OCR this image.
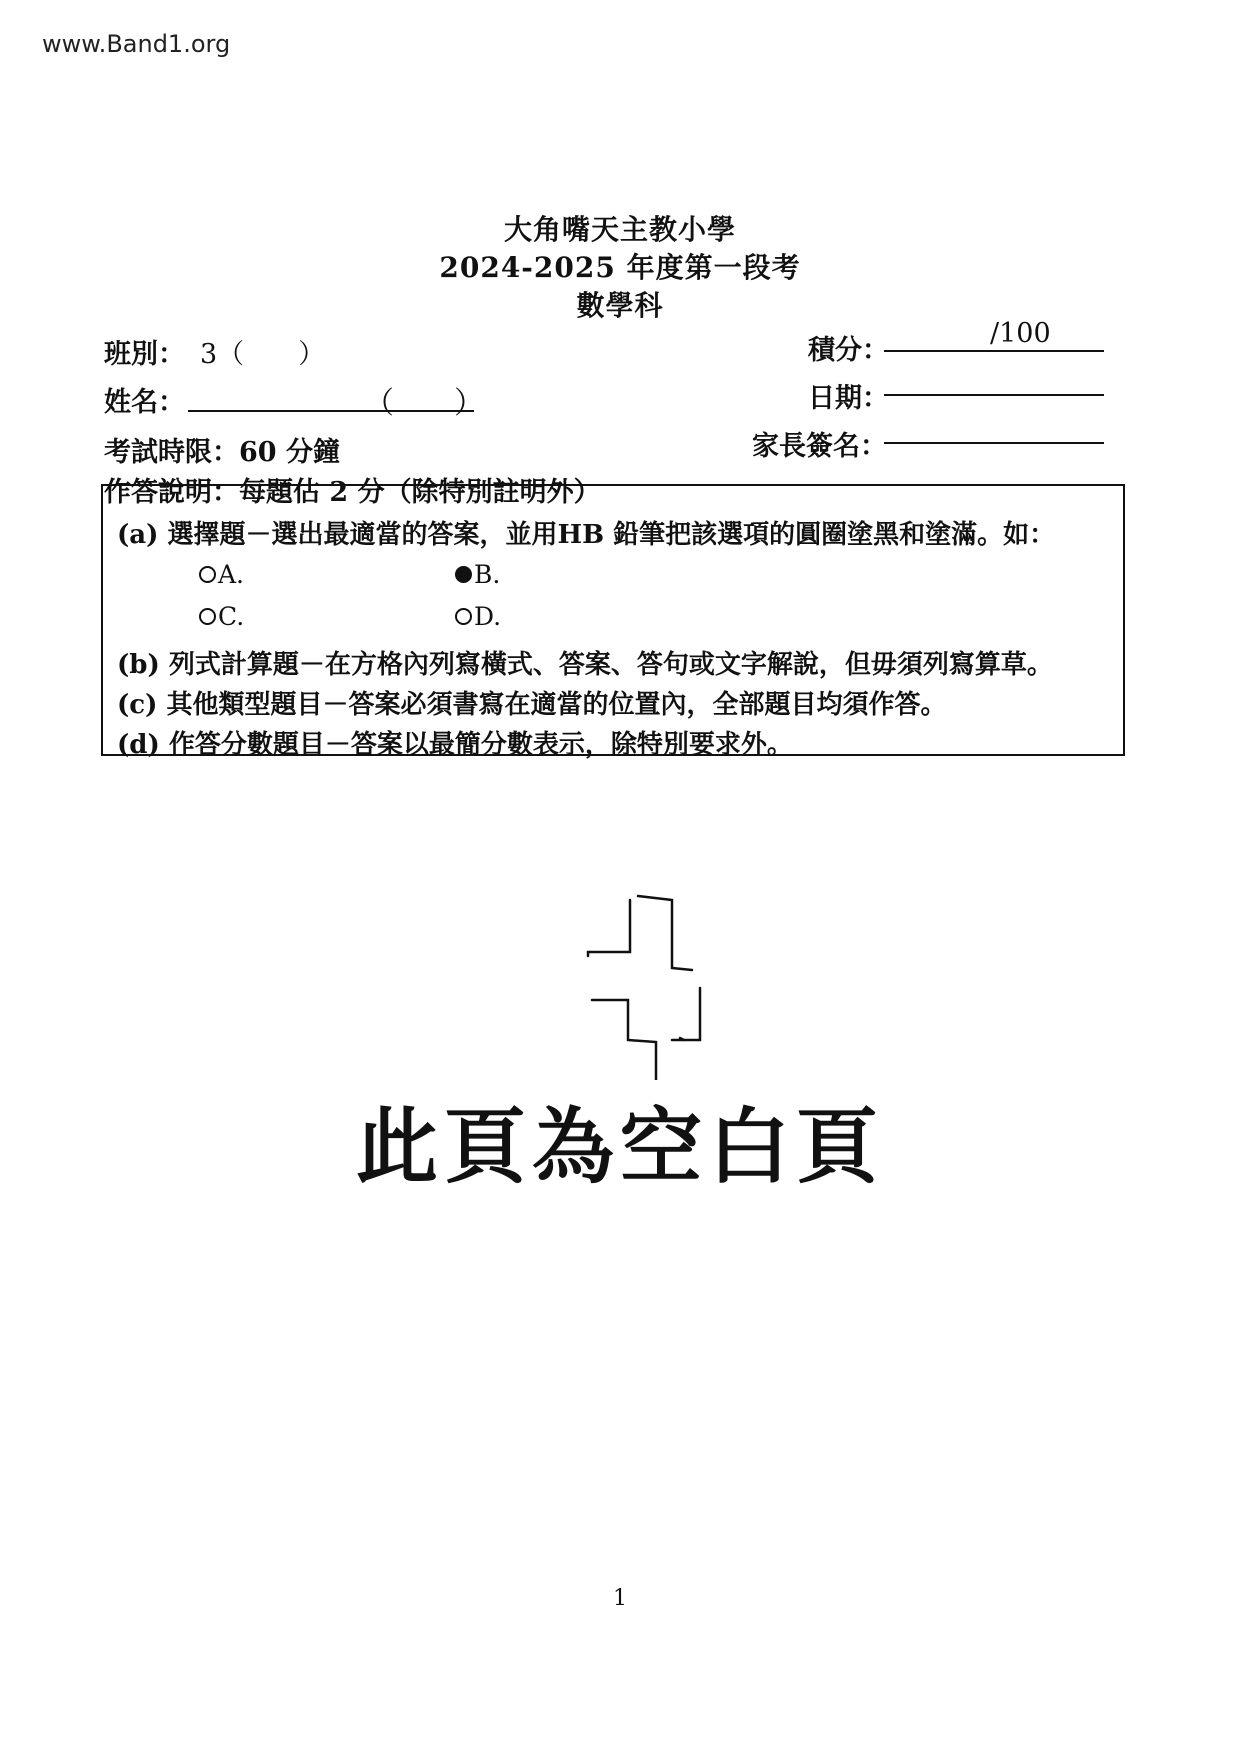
www.Band1.org
大角嘴天主教小學
2024-2025 年度第一段考
數學科
班別： 3（　　）
姓名：	（　　）
考試時限：60 分鐘
作答說明：每題佔 2 分（除特別註明外）
積分：
/100
日期：
家長簽名：
(a) 選擇題－選出最適當的答案，並用HB 鉛筆把該選項的圓圈塗黑和塗滿。如：
A.	B.
C.	D.
(b) 列式計算題－在方格內列寫橫式、答案、答句或文字解說，但毋須列寫算草。
(c) 其他類型題目－答案必須書寫在適當的位置內，全部題目均須作答。
(d) 作答分數題目－答案以最簡分數表示，除特別要求外。
此頁為空白頁
1
